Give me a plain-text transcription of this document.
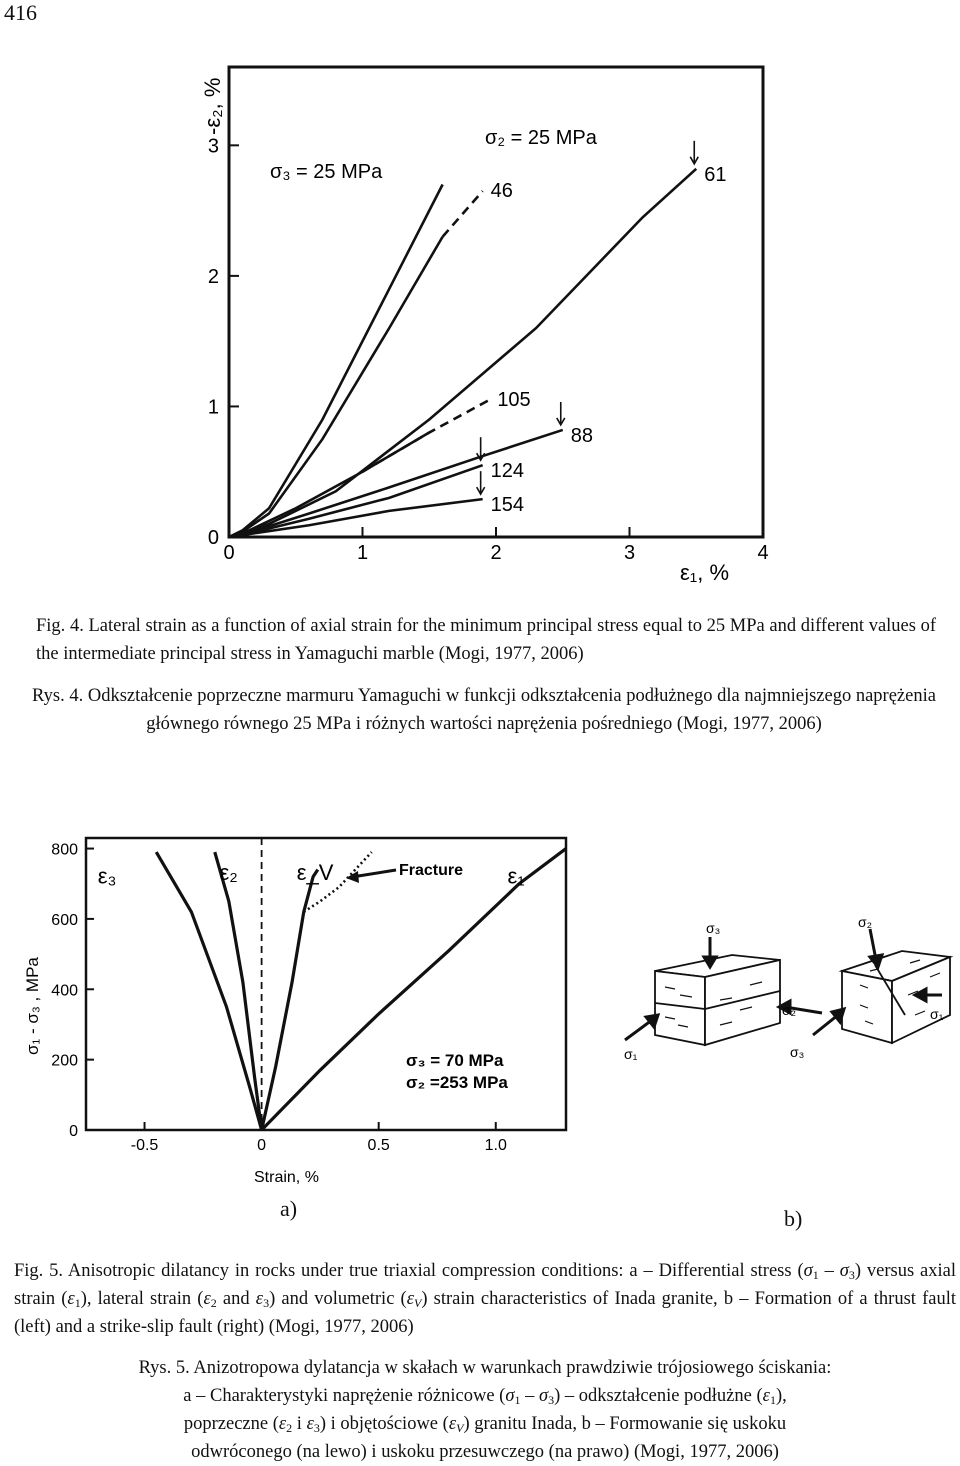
416
0	1	2	3	4
0
1
2
3
61
46
105
88
124
154
-ε₂, %
ε₁, %
σ₃ = 25 MPa
σ₂ = 25 MPa
Fig. 4. Lateral strain as a function of axial strain for the minimum principal stress equal to 25 MPa and different values of the intermediate principal stress in Yamaguchi marble (Mogi, 1977, 2006)
Rys. 4. Odkształcenie poprzeczne marmuru Yamaguchi w funkcji odkształcenia podłużnego dla najmniejszego naprężenia głównego równego 25 MPa i różnych wartości naprężenia pośredniego (Mogi, 1977, 2006)
-0.5	0	0.5	1.0
0
200
400
600
800
ε₃	ε₂	ε_V	ε₁
σ₁ - σ₃ , MPa
Strain, %
Fracture
σ₃ = 70 MPa
σ₂ =253 MPa
a)	b)
σ₃
σ₂
σ₁
σ₂
σ₁
σ₃
Fig. 5. Anisotropic dilatancy in rocks under true triaxial compression conditions: a – Differential stress $(\sigma_1 - \sigma_3)$ versus axial strain $(\varepsilon_1)$, lateral strain ($\varepsilon_2$ and $\varepsilon_3$) and volumetric $(\varepsilon_V)$ strain characteristics of Inada granite, b – Formation of a thrust fault (left) and a strike-slip fault (right) (Mogi, 1977, 2006)
Rys. 5. Anizotropowa dylatancja w skałach w warunkach prawdziwie trójosiowego ściskania:
a – Charakterystyki naprężenie różnicowe $(\sigma_1 - \sigma_3)$ – odkształcenie podłużne $(\varepsilon_1)$,
poprzeczne ($\varepsilon_2$ i $\varepsilon_3$) i objętościowe $(\varepsilon_V)$ granitu Inada, b – Formowanie się uskoku
odwróconego (na lewo) i uskoku przesuwczego (na prawo) (Mogi, 1977, 2006)
